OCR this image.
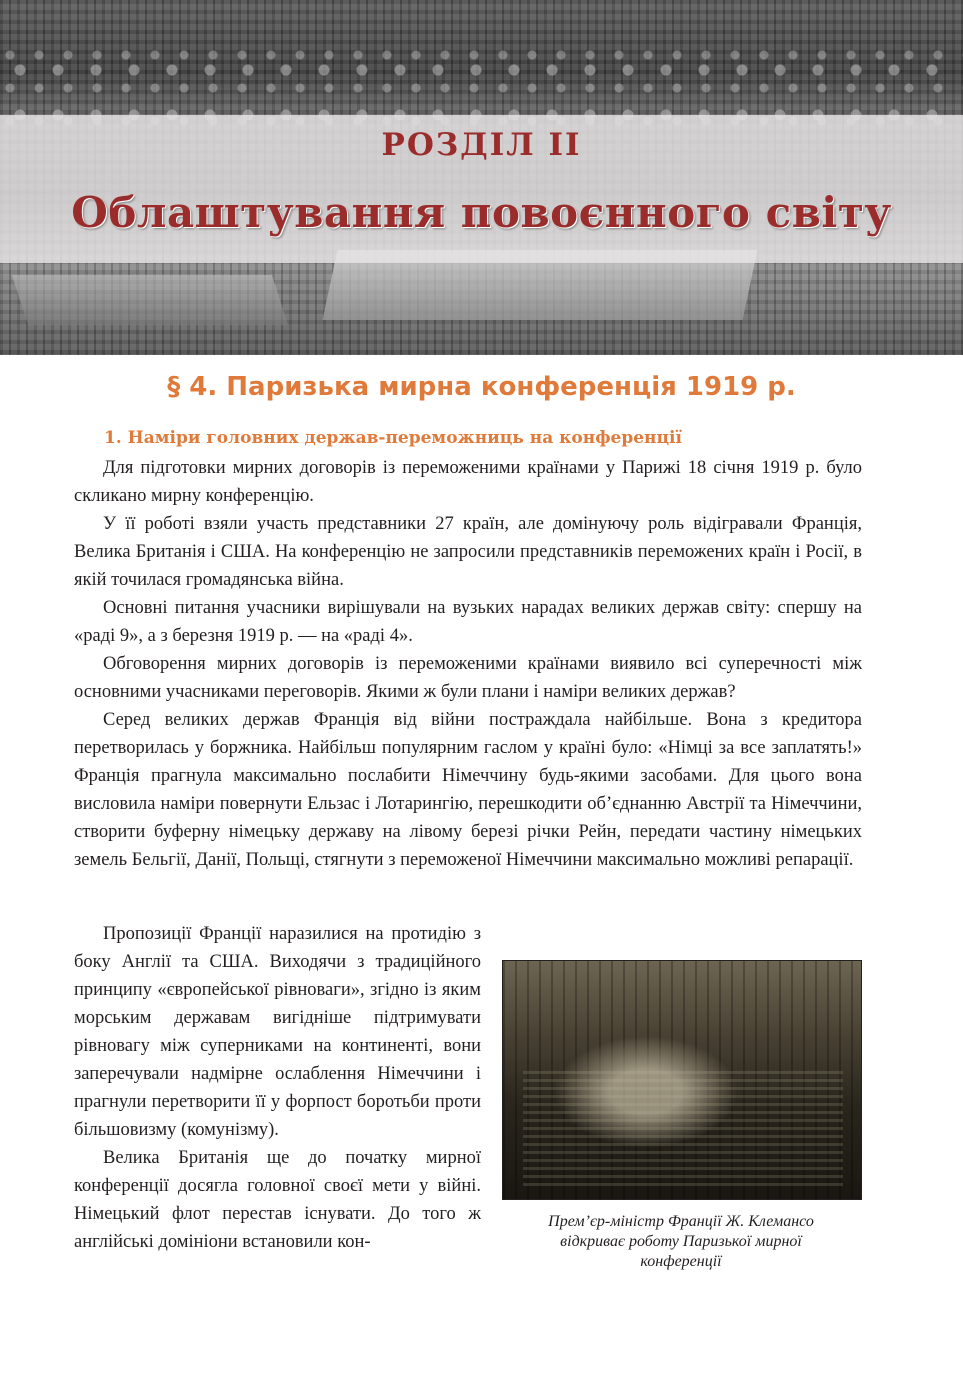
РОЗДІЛ ІІ
Облаштування повоєнного світу
§ 4. Паризька мирна конференція 1919 р.
1. Наміри головних держав-переможниць на конференції

Для підготовки мирних договорів із переможеними країнами у Парижі 18 січня 1919 р. було скликано мирну конференцію.

У її роботі взяли участь представники 27 країн, але домінуючу роль відігравали Франція, Велика Британія і США. На конференцію не запросили представників переможених країн і Росії, в якій точилася громадянська війна.

Основні питання учасники вирішували на вузьких нарадах великих держав світу: спершу на «раді 9», а з березня 1919 р. — на «раді 4».

Обговорення мирних договорів із переможеними країнами виявило всі суперечності між основними учасниками переговорів. Якими ж були плани і наміри великих держав?

Серед великих держав Франція від війни постраждала найбільше. Вона з кредитора перетворилась у боржника. Найбільш популярним гаслом у країні було: «Німці за все заплатять!» Франція прагнула максимально послабити Німеччину будь-якими засобами. Для цього вона висловила наміри повернути Ельзас і Лотарингію, перешкодити об’єднанню Австрії та Німеччини, створити буферну німецьку державу на лівому березі річки Рейн, передати частину німецьких земель Бельгії, Данії, Польщі, стягнути з переможеної Німеччини максимально можливі репарації.

Пропозиції Франції наразилися на протидію з боку Англії та США. Виходячи з традиційного принципу «європейської рівноваги», згідно із яким морським державам вигідніше підтримувати рівновагу між суперниками на континенті, вони заперечували надмірне ослаблення Німеччини і прагнули перетворити її у форпост боротьби проти більшовизму (комунізму).

Велика Британія ще до початку мирної конференції досягла головної своєї мети у війні. Німецький флот перестав існувати. До того ж англійські домініони встановили кон-

Прем’єр-міністр Франції Ж. Клемансо
відкриває роботу Паризької мирної
конференції
